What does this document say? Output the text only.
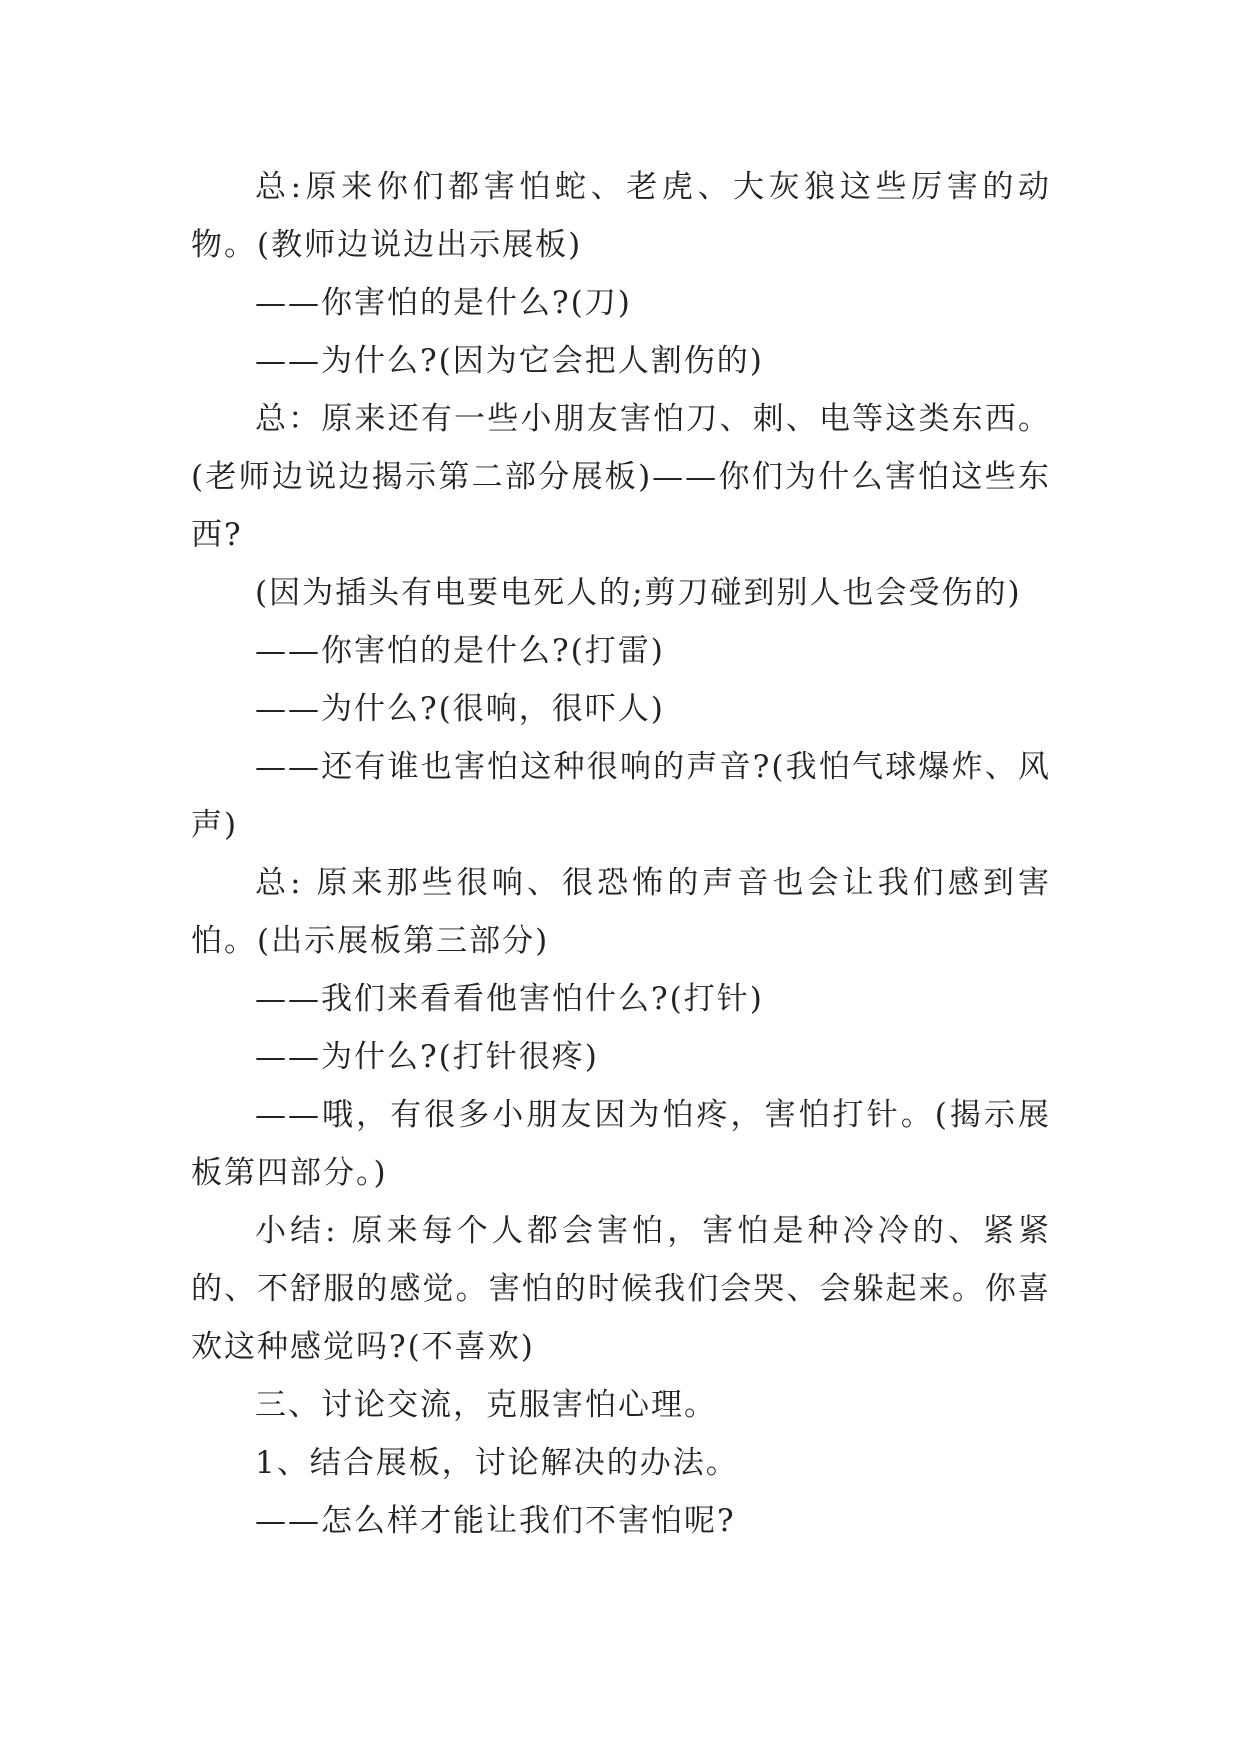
总:原来你们都害怕蛇、老虎、大灰狼这些厉害的动物。(教师边说边出示展板)

——你害怕的是什么?(刀)

——为什么?(因为它会把人割伤的)

总：原来还有一些小朋友害怕刀、刺、电等这类东西。(老师边说边揭示第二部分展板)——你们为什么害怕这些东西?

(因为插头有电要电死人的;剪刀碰到别人也会受伤的)

——你害怕的是什么?(打雷)

——为什么?(很响，很吓人)

——还有谁也害怕这种很响的声音?(我怕气球爆炸、风声)

总: 原来那些很响、很恐怖的声音也会让我们感到害怕。(出示展板第三部分)

——我们来看看他害怕什么?(打针)

——为什么?(打针很疼)

——哦，有很多小朋友因为怕疼，害怕打针。(揭示展板第四部分。)

小结: 原来每个人都会害怕，害怕是种冷冷的、紧紧的、不舒服的感觉。害怕的时候我们会哭、会躲起来。你喜欢这种感觉吗?(不喜欢)

三、讨论交流，克服害怕心理。

1、结合展板，讨论解决的办法。

——怎么样才能让我们不害怕呢?
